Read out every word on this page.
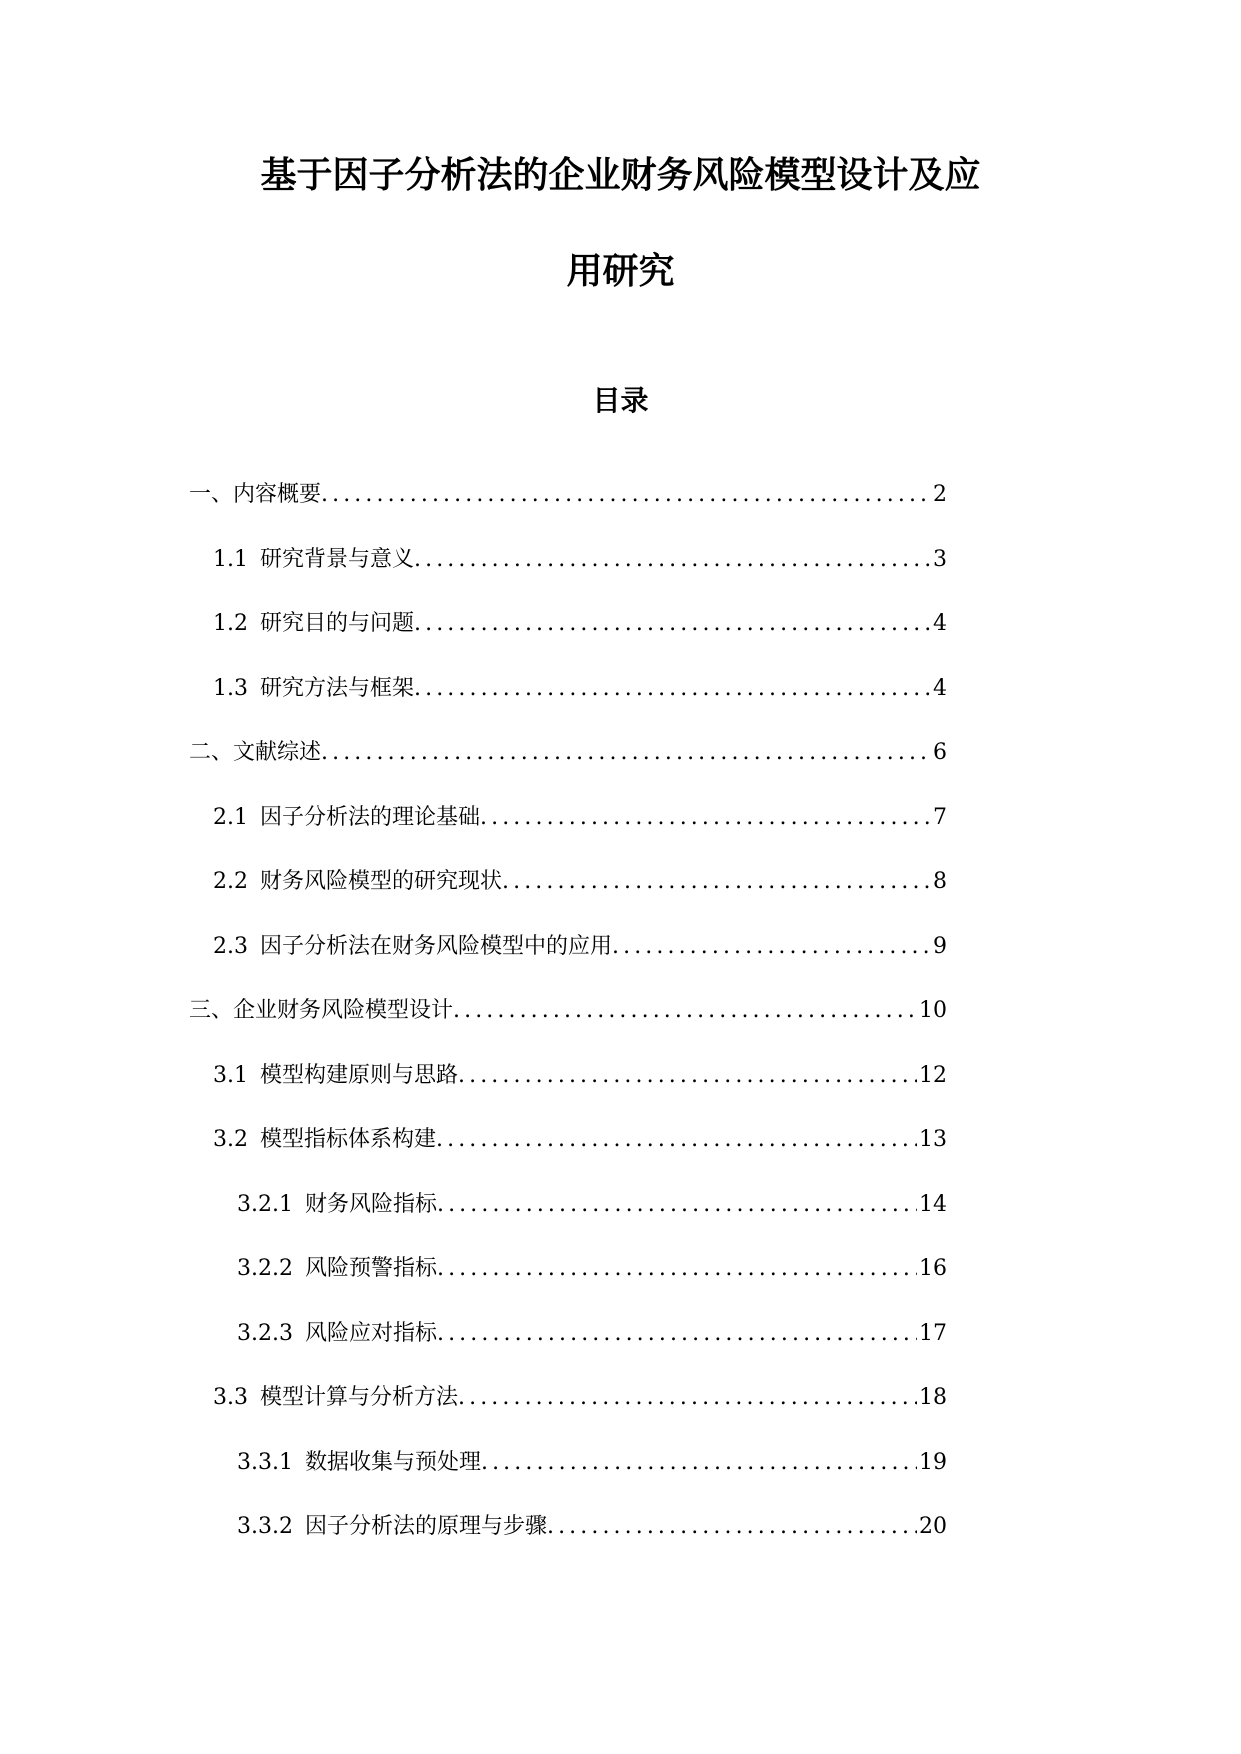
基于因子分析法的企业财务风险模型设计及应
用研究
目录
一、内容概要 .....	2
1.1 研究背景与意义 .....	3
1.2 研究目的与问题 .....	4
1.3 研究方法与框架 .....	4
二、文献综述 .....	6
2.1 因子分析法的理论基础 .....	7
2.2 财务风险模型的研究现状 .....	8
2.3 因子分析法在财务风险模型中的应用 .....	9
三、企业财务风险模型设计 .....	10
3.1 模型构建原则与思路 .....	12
3.2 模型指标体系构建 .....	13
3.2.1 财务风险指标 .....	14
3.2.2 风险预警指标 .....	16
3.2.3 风险应对指标 .....	17
3.3 模型计算与分析方法 .....	18
3.3.1 数据收集与预处理 .....	19
3.3.2 因子分析法的原理与步骤 .....	20
